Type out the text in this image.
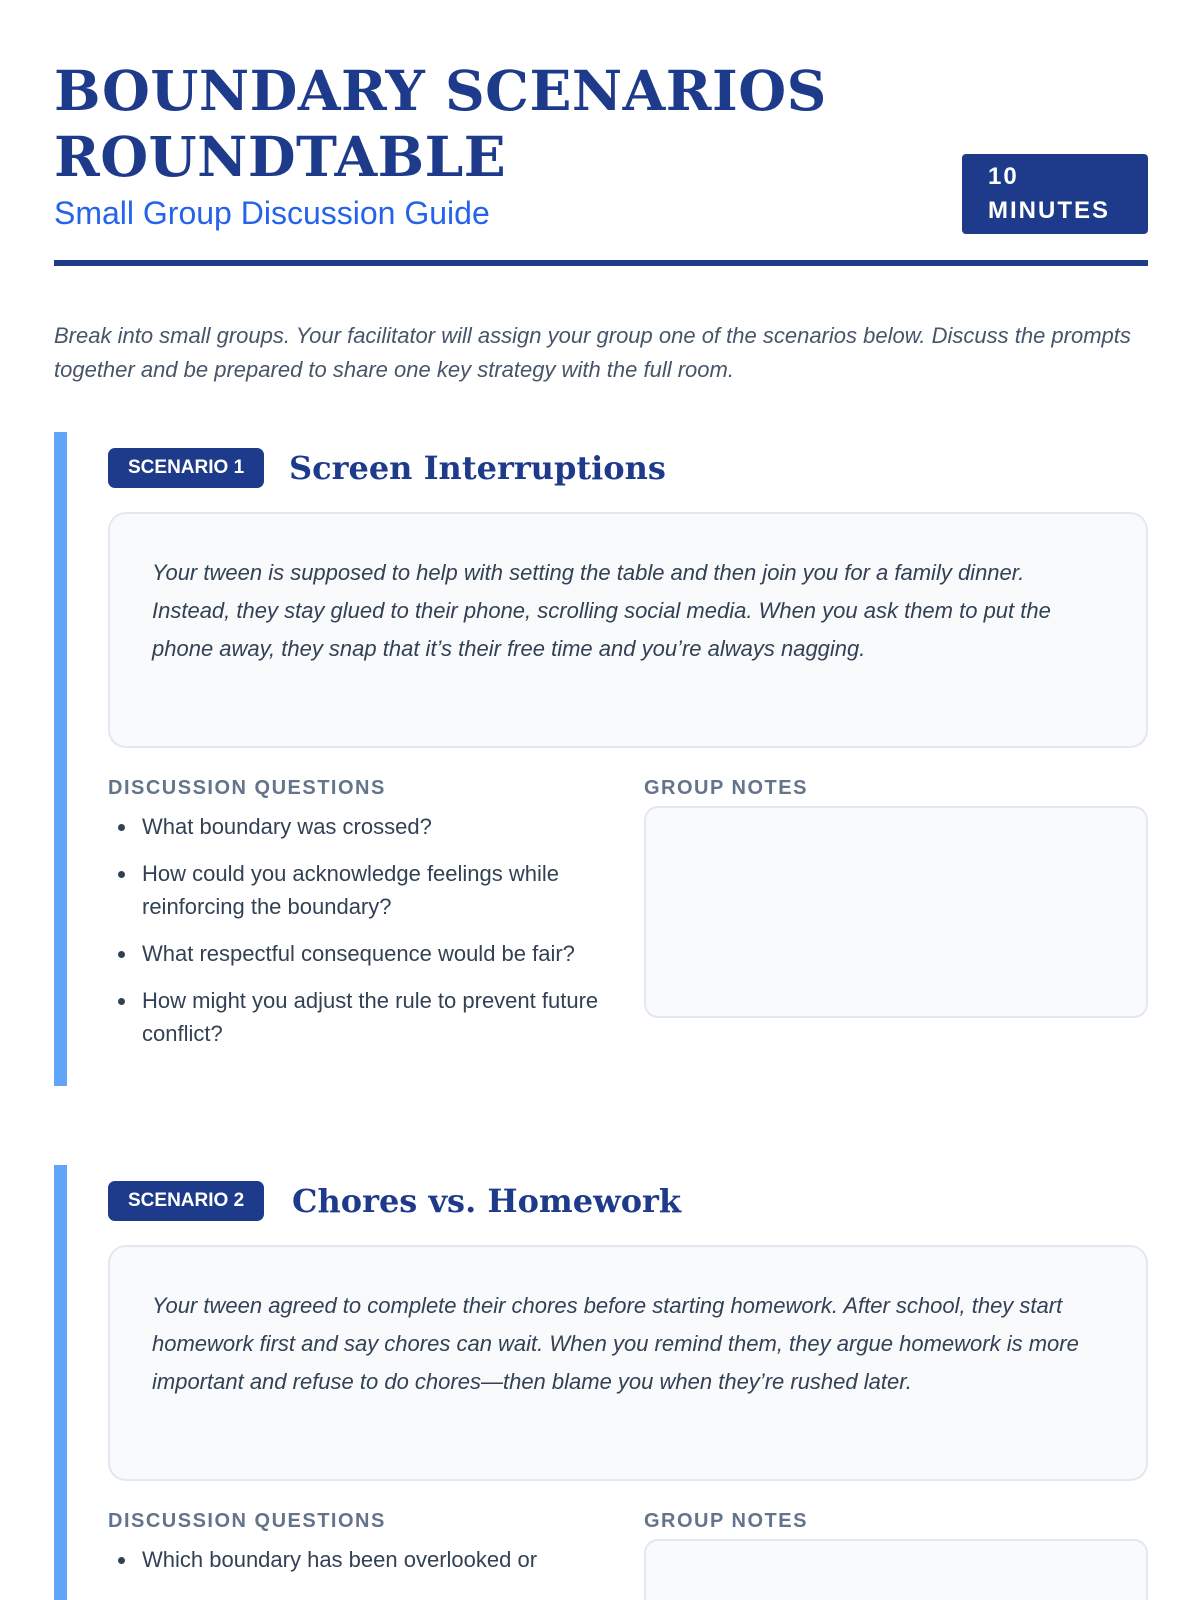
BOUNDARY SCENARIOS
ROUNDTABLE
Small Group Discussion Guide
10
MINUTES

Break into small groups. Your facilitator will assign your group one of the scenarios below. Discuss the prompts together and be prepared to share one key strategy with the full room.

SCENARIO 1	Screen Interruptions
Your tween is supposed to help with setting the table and then join you for a family dinner. Instead, they stay glued to their phone, scrolling social media. When you ask them to put the phone away, they snap that it’s their free time and you’re always nagging.
DISCUSSION QUESTIONS	GROUP NOTES
What boundary was crossed?
How could you acknowledge feelings while reinforcing the boundary?
What respectful consequence would be fair?
How might you adjust the rule to prevent future conflict?
SCENARIO 2	Chores vs. Homework
Your tween agreed to complete their chores before starting homework. After school, they start homework first and say chores can wait. When you remind them, they argue homework is more important and refuse to do chores—then blame you when they’re rushed later.
DISCUSSION QUESTIONS	GROUP NOTES
Which boundary has been overlooked or
